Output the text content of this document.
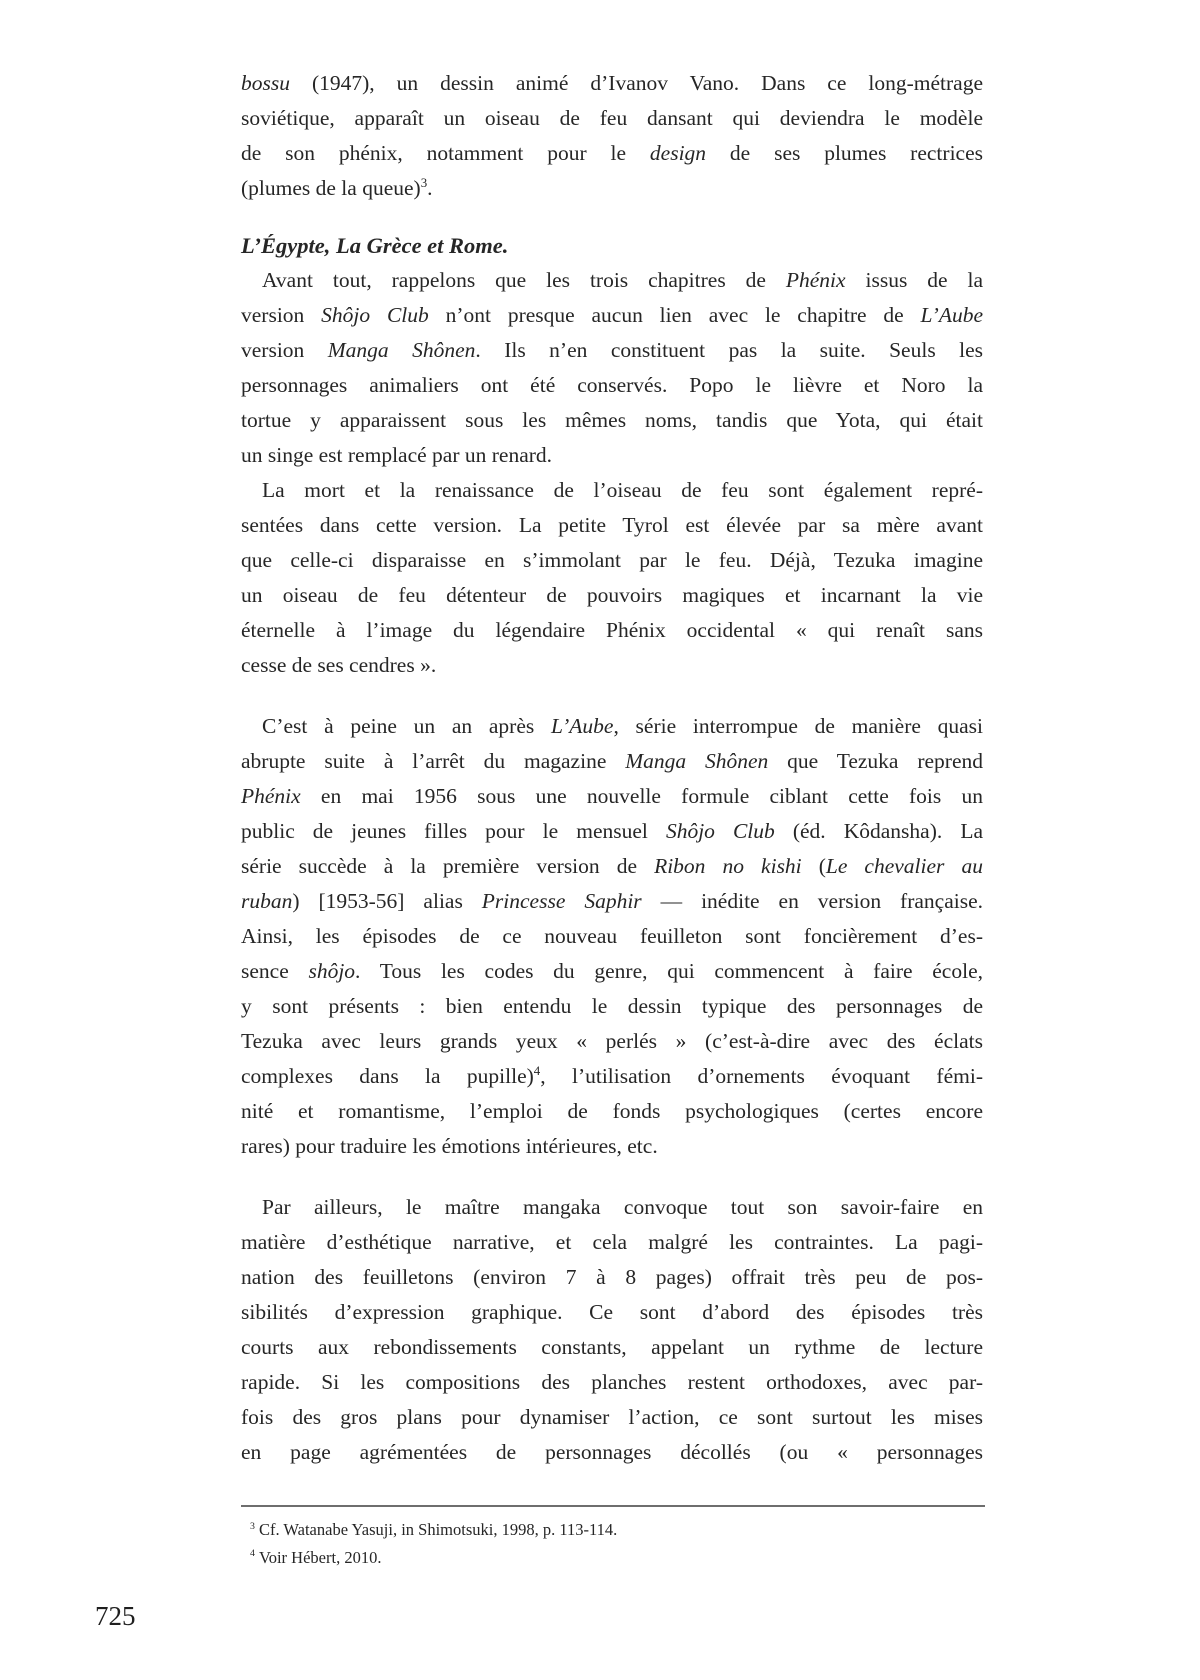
bossu (1947), un dessin animé d’Ivanov Vano. Dans ce long-métrage
soviétique, apparaît un oiseau de feu dansant qui deviendra le modèle
de son phénix, notamment pour le design de ses plumes rectrices
(plumes de la queue)$^3$.
L’Égypte, La Grèce et Rome.
Avant tout, rappelons que les trois chapitres de Phénix issus de la
version Shôjo Club n’ont presque aucun lien avec le chapitre de L’Aube
version Manga Shônen. Ils n’en constituent pas la suite. Seuls les
personnages animaliers ont été conservés. Popo le lièvre et Noro la
tortue y apparaissent sous les mêmes noms, tandis que Yota, qui était
un singe est remplacé par un renard.
La mort et la renaissance de l’oiseau de feu sont également repré-
sentées dans cette version. La petite Tyrol est élevée par sa mère avant
que celle-ci disparaisse en s’immolant par le feu. Déjà, Tezuka imagine
un oiseau de feu détenteur de pouvoirs magiques et incarnant la vie
éternelle à l’image du légendaire Phénix occidental « qui renaît sans
cesse de ses cendres ».
C’est à peine un an après L’Aube, série interrompue de manière quasi
abrupte suite à l’arrêt du magazine Manga Shônen que Tezuka reprend
Phénix en mai 1956 sous une nouvelle formule ciblant cette fois un
public de jeunes filles pour le mensuel Shôjo Club (éd. Kôdansha). La
série succède à la première version de Ribon no kishi (Le chevalier au
ruban) [1953-56] alias Princesse Saphir — inédite en version française.
Ainsi, les épisodes de ce nouveau feuilleton sont foncièrement d’es-
sence shôjo. Tous les codes du genre, qui commencent à faire école,
y sont présents : bien entendu le dessin typique des personnages de
Tezuka avec leurs grands yeux « perlés » (c’est-à-dire avec des éclats
complexes dans la pupille)$^4$, l’utilisation d’ornements évoquant fémi-
nité et romantisme, l’emploi de fonds psychologiques (certes encore
rares) pour traduire les émotions intérieures, etc.
Par ailleurs, le maître mangaka convoque tout son savoir-faire en
matière d’esthétique narrative, et cela malgré les contraintes. La pagi-
nation des feuilletons (environ 7 à 8 pages) offrait très peu de pos-
sibilités d’expression graphique. Ce sont d’abord des épisodes très
courts aux rebondissements constants, appelant un rythme de lecture
rapide. Si les compositions des planches restent orthodoxes, avec par-
fois des gros plans pour dynamiser l’action, ce sont surtout les mises
en page agrémentées de personnages décollés (ou « personnages
$^3$ Cf. Watanabe Yasuji, in Shimotsuki, 1998, p. 113-114.
$^4$ Voir Hébert, 2010.
725
